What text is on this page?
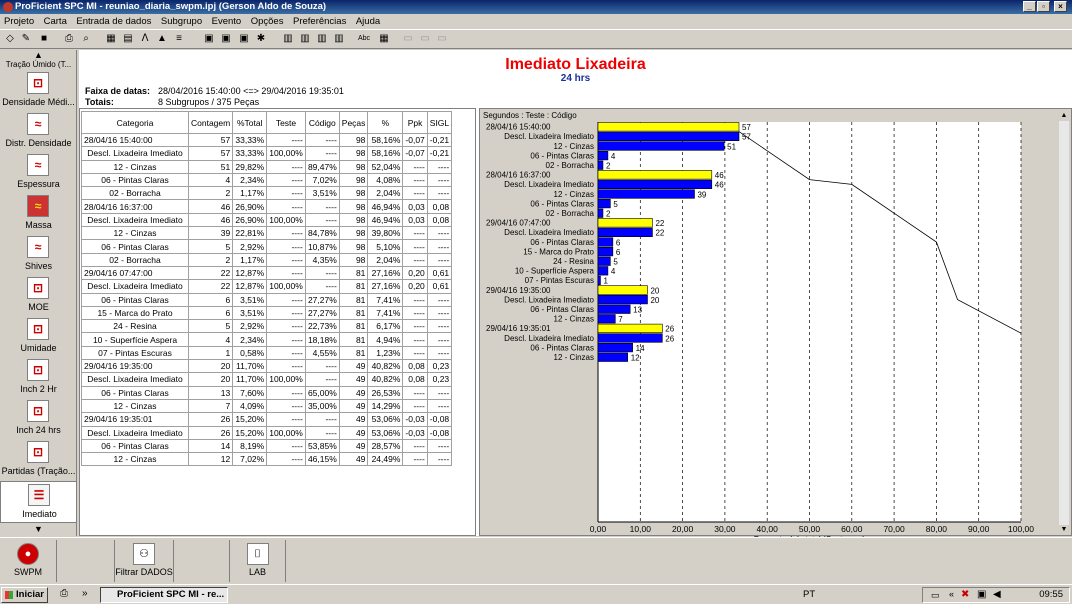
ProFicient SPC MI - reuniao_diaria_swpm.ipj (Gerson Aldo de Souza)	_	▫	×
Projeto Carta Entrada de dados Subgrupo Evento Opções Preferências Ajuda
◇ ✎ ■ ⎙	⌕	▦ ▤ ᐱ ▲ ≡	▣ ▣ ▣ ✱ ▥ ▥ ▥ ▥ Abc ▦ ▭ ▭ ▭
▲
Tração Úmido (T...
⊡
Densidade Médi...
≈
Distr. Densidade
≈
Espessura
≈
Massa
≈
Shives
⊡
MOE
⊡
Umidade
⊡
Inch 2 Hr
⊡
Inch 24 hrs
⊡
Partidas (Tração...
☰
Imediato
▼
Imediato Lixadeira
24 hrs
Faixa de datas: 28/04/2016 15:40:00 <=> 29/04/2016 19:35:01
Totais:	8 Subgrupos / 375 Peças
Categoria	Contagem	%Total	Teste	Código	Peças	%	Ppk	SIGL
28/04/16 15:40:00	57	33,33%	----	----	98	58,16%	-0,07	-0,21
Descl. Lixadeira Imediato	57	33,33%	100,00%	----	98	58,16%	-0,07	-0,21
12 - Cinzas	51	29,82%	----	89,47%	98	52,04%	----	----
06 - Pintas Claras	4	2,34%	----	7,02%	98	4,08%	----	----
02 - Borracha	2	1,17%	----	3,51%	98	2,04%	----	----
28/04/16 16:37:00	46	26,90%	----	----	98	46,94%	0,03	0,08
Descl. Lixadeira Imediato	46	26,90%	100,00%	----	98	46,94%	0,03	0,08
12 - Cinzas	39	22,81%	----	84,78%	98	39,80%	----	----
06 - Pintas Claras	5	2,92%	----	10,87%	98	5,10%	----	----
02 - Borracha	2	1,17%	----	4,35%	98	2,04%	----	----
29/04/16 07:47:00	22	12,87%	----	----	81	27,16%	0,20	0,61
Descl. Lixadeira Imediato	22	12,87%	100,00%	----	81	27,16%	0,20	0,61
06 - Pintas Claras	6	3,51%	----	27,27%	81	7,41%	----	----
15 - Marca do Prato	6	3,51%	----	27,27%	81	7,41%	----	----
24 - Resina	5	2,92%	----	22,73%	81	6,17%	----	----
10 - Superfície Aspera	4	2,34%	----	18,18%	81	4,94%	----	----
07 - Pintas Escuras	1	0,58%	----	4,55%	81	1,23%	----	----
29/04/16 19:35:00	20	11,70%	----	----	49	40,82%	0,08	0,23
Descl. Lixadeira Imediato	20	11,70%	100,00%	----	49	40,82%	0,08	0,23
06 - Pintas Claras	13	7,60%	----	65,00%	49	26,53%	----	----
12 - Cinzas	7	4,09%	----	35,00%	49	14,29%	----	----
29/04/16 19:35:01	26	15,20%	----	----	49	53,06%	-0,03	-0,08
Descl. Lixadeira Imediato	26	15,20%	100,00%	----	49	53,06%	-0,03	-0,08
06 - Pintas Claras	14	8,19%	----	53,85%	49	28,57%	----	----
12 - Cinzas	12	7,02%	----	46,15%	49	24,49%	----	----
Segundos : Teste : Código
0,00	10,00 20,00 30,00 40,00 50,00 60,00 70,00 80,00 90,00 100,00
28/04/16 15:40:00	57
Descl. Lixadeira Imediato	57
12 - Cinzas	51
06 - Pintas Claras 4
02 - Borracha 2
28/04/16 16:37:00	46
Descl. Lixadeira Imediato	46
12 - Cinzas	39
06 - Pintas Claras 5
02 - Borracha 2
29/04/16 07:47:00	22
Descl. Lixadeira Imediato	22
06 - Pintas Claras	6
15 - Marca do Prato	6
24 - Resina 5
10 - Superfície Aspera 4
07 - Pintas Escuras 1
29/04/16 19:35:00	20
Descl. Lixadeira Imediato	20
06 - Pintas Claras	13
12 - Cinzas	7
29/04/16 19:35:01	26
Descl. Lixadeira Imediato	26
06 - Pintas Claras	14
12 - Cinzas	12
▲
▼
●
SWPM
⚇
Filtrar DADOS
⌷
LAB
Iniciar	⎙ »	ProFicient SPC MI - re...	PT	▭ « ✖ ▣ ◀	09:55
